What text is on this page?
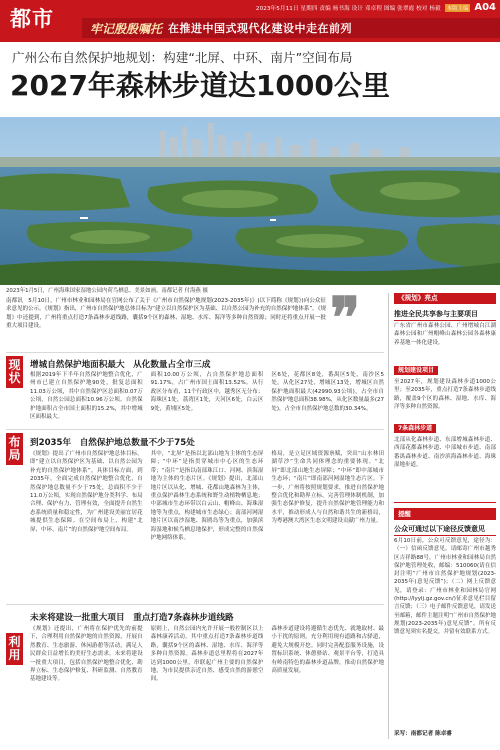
都市	2023年5月11日 星期四 责编 杨书海 设计 邓卓程 图编 张翠霞 校对 杨毅	本版主编 A04
牢记殷殷嘱托 在推进中国式现代化建设中走在前列
广州公布自然保护地规划：构建“北屏、中环、南片”空间布局
2027年森林步道达1000公里
2023年1月5日，广州海珠国家湿地公园内荷鸟栖息、美景如画。南都记者 付海燕 摄

南都讯　5月10日，广州市林业和园林局在官网公布了关于《广州市自然保护地规划(2023-2035年)》(以下简称《规划》)向公众征求意见的公示。《规划》指出，广州市自然保护地总体目标为“建立以自然保护区为基础、以自然公园为补充的自然保护地体系”。《规划》中还提到，广州将重点打造7条森林步道线路，囊括9个区的森林、湿地、水库、海洋等多种自然资源；同时还将重点开展一批重大项目建设。	❞
现状
增城自然保护地面积最大　从化数量占全市三成

根据2019年下半年自然保护地整合优化，广州市已建立自然保护地90处，批复总面积11.03万公顷，其中自然保护区总面积0.07万公顷，自然公园总面积10.96万公顷。自然保护地面积占全市国土面积的15.2%，其中增城区面积最大。

面积10.00万公顷，占自然保护地总面积91.17%，占广州市国土面积13.52%。从行政区分布看，11个行政区中，越秀区无分布；海珠区1处，荔湾区1处，天河区6处，白云区9处，黄埔区5处。

区6处，花都区8处，番禺区5处，南沙区5处，从化区27处，增城区13处，增城区自然保护地面积最大(42990.93公顷)，占全市自然保护地总面积38.98%，从化区数量最多(27处)，占全市自然保护地总数的30.34%。

布局
到2035年　自然保护地总数量不少于75处

《规划》提出了广州市自然保护地总体目标，即“建立以自然保护区为基础、以自然公园为补充的自然保护地体系”。具体目标方面，到2035年，全面完成自然保护地整合优化，自然保护地总数量不少于75处，总面积不少于11.0万公顷，实现自然保护地分类科学、布局合理、保护有力、管理有效，全面提升自然生态系统质量和稳定性，为广州建设美丽宜居花城提供生态保障。在空间布局上，构建“北屏、中环、南片”的自然保护地空间布局。

其中，“北屏”是指以北部山地为主体的生态屏障；“中环”是指贯穿城市中心区的生态环带；“南片”是指以南部珠江口、河网、滨海湿地为主体的生态片区。《规划》提出，北部山地片区以从化、增城、花都山地森林为主体，重点保护森林生态系统和野生动植物栖息地；中部城市生态环带以白云山、帽峰山、海珠湿地等为重点，构建城市生态绿心；南部河网湿地片区以南沙湿地、海鸥岛等为重点，加强滨海湿地和候鸟栖息地保护，形成完整的自然保护地网络体系。

格局，是立足区域资源禀赋，突出“山水林田湖草沙”生命共同体理念的重要体现。“北屏”即北部山地生态屏障；“中环”即中部城市生态环；“南片”即南部河网湿地生态片区。下一步，广州将按照规划要求，推进自然保护地整合优化和勘界立标，完善管理体制机制，加强生态保护修复，提升自然保护地管理能力和水平，推动形成人与自然和谐共生的新格局，为粤港澳大湾区生态文明建设贡献广州力量。

利用
未来将建设一批重大项目　重点打造7条森林步道线路

《规划》还提出，广州将在保护优先的前提下，合理利用自然保护地的自然资源，开展自然教育、生态旅游、休闲游憩等活动，满足人民群众日益增长的美好生态需求。未来将建设一批重大项目，包括自然保护地整合优化、勘界立标、生态保护修复、科研监测、自然教育基地建设等。

原则上，自然公园内允许开展一般控制区以上森林康养活动。其中重点打造7条森林步道线路，囊括9个区的森林、湿地、水库、海洋等多种自然资源。森林步道总里程将在2027年达到1000公里，串联起广州主要的自然保护地，为市民提供亲近自然、感受自然的游憩空间。

森林步道建设将遵循生态优先、就地取材、最小干扰的原则，充分利用现有道路和古驿道，避免大规模开挖。同时完善配套服务设施，设置标识系统、休憩驿站、观景平台等，打造具有岭南特色的森林步道品牌，推动自然保护地高质量发展。

《规划》亮点
推进全民共享参与主要项目
广东省广州市森林公园、广州增城白江湖森林公园和广州帽峰山森林公园各森林康养基地一体化建设。
规划建设项目
至2027年，规划建设森林步道1000公里；至2035年，重点打造7条森林步道线路，覆盖9个区的森林、湿地、水库、海洋等多种自然资源。
7条森林步道
北部从化森林步道、东部增城森林步道、西部花都森林步道、中部城市步道、南部番禺森林步道、南沙滨海森林步道、海珠湿地步道。
提醒
公众可通过以下途径反馈意见
6月10日前，公众可反馈意见，途径为：（一）信函反馈意见，请邮寄广州市越秀区吉祥路88号，广州市林业和园林局自然保护地管理处收，邮编：510060(请在信封注明“广州市自然保护地规划(2023-2035年)意见反馈”)；（二）网上反馈意见，请登录：广州市林业和园林局官网(http://lyylj.gz.gov.cn/)征求意见栏目留言反馈；（三）电子邮件反馈意见，请发送至邮箱，邮件主题注明“广州市自然保护地规划(2023-2035年)意见反馈”。所有反馈意见须实名提交，并留有效联系方式。
采写：南都记者 陈卓睿
